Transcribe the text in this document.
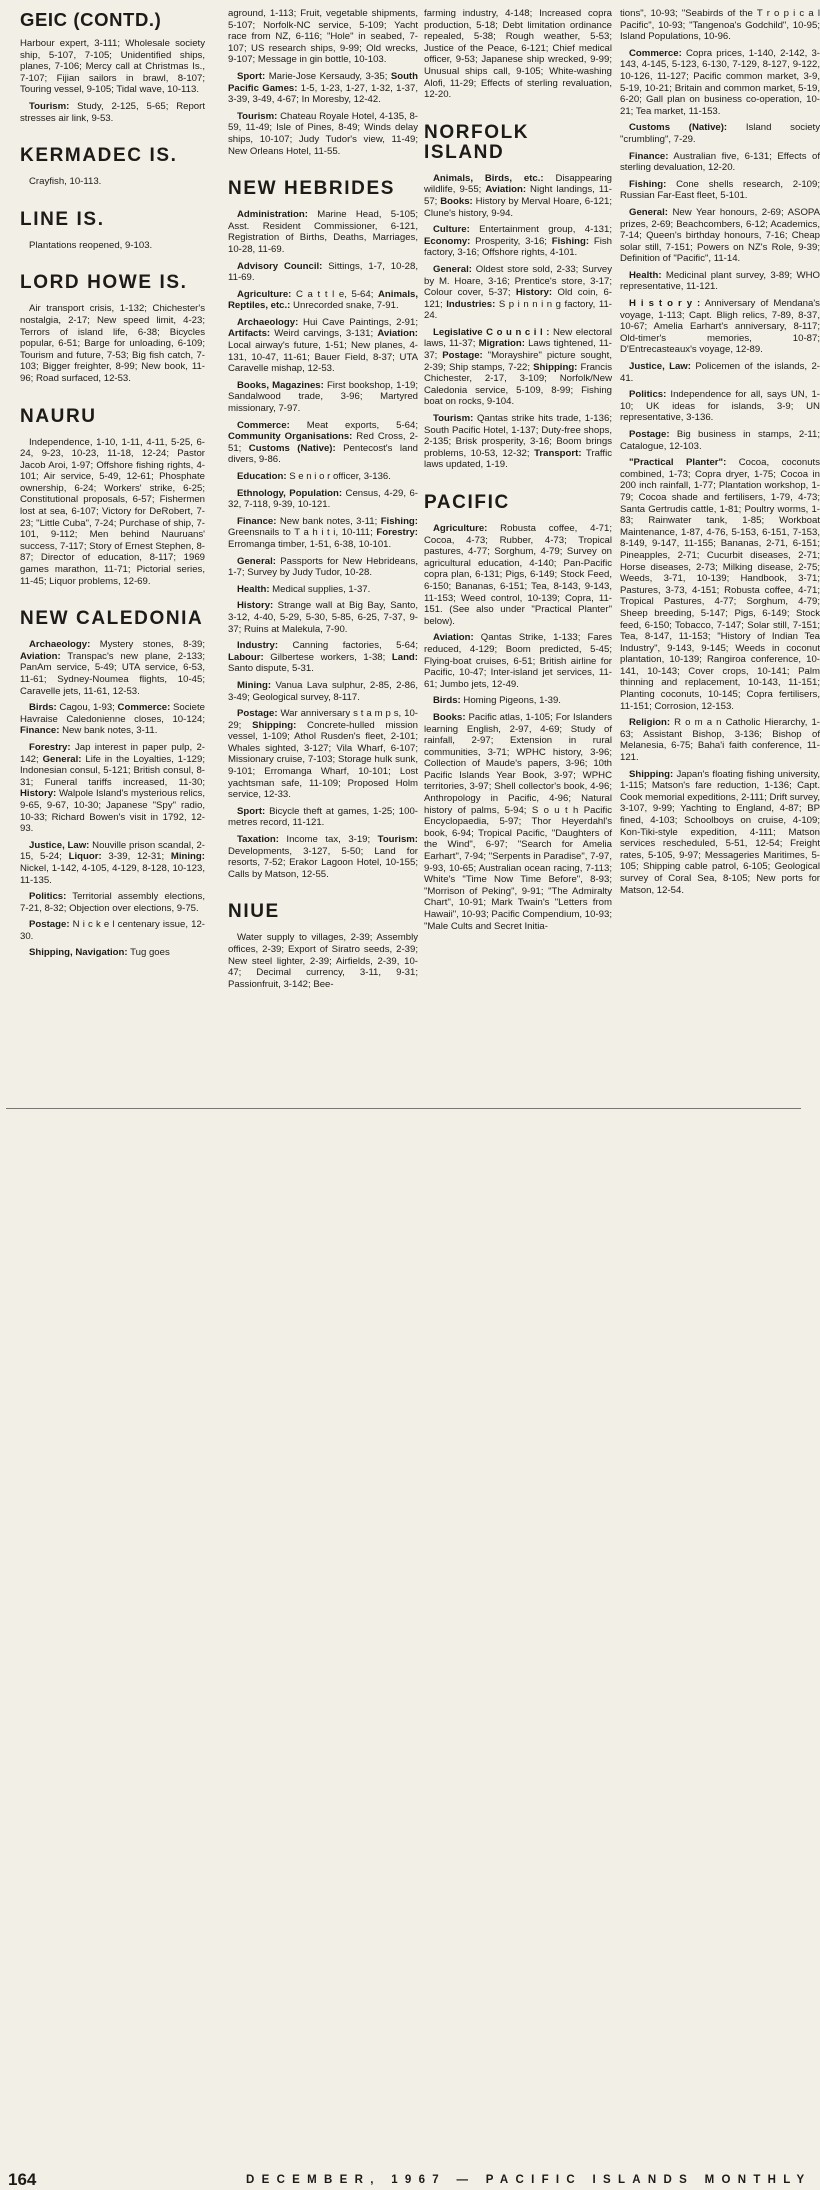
GEIC (CONTD.)

Harbour expert, 3-111; Wholesale society ship, 5-107, 7-105; Unidentified ships, planes, 7-106; Mercy call at Christmas Is., 7-107; Fijian sailors in brawl, 8-107; Touring vessel, 9-105; Tidal wave, 10-113.

Tourism: Study, 2-125, 5-65; Report stresses air link, 9-53.

KERMADEC IS.

Crayfish, 10-113.

LINE IS.

Plantations reopened, 9-103.

LORD HOWE IS.

Air transport crisis, 1-132; Chichester's nostalgia, 2-17; New speed limit, 4-23; Terrors of island life, 6-38; Bicycles popular, 6-51; Barge for unloading, 6-109; Tourism and future, 7-53; Big fish catch, 7-103; Bigger freighter, 8-99; New book, 11-96; Road surfaced, 12-53.

NAURU

Independence, 1-10, 1-11, 4-11, 5-25, 6-24, 9-23, 10-23, 11-18, 12-24; Pastor Jacob Aroi, 1-97; Offshore fishing rights, 4-101; Air service, 5-49, 12-61; Phosphate ownership, 6-24; Workers' strike, 6-25; Constitutional proposals, 6-57; Fishermen lost at sea, 6-107; Victory for DeRobert, 7-23; "Little Cuba", 7-24; Purchase of ship, 7-101, 9-112; Men behind Nauruans' success, 7-117; Story of Ernest Stephen, 8-87; Director of education, 8-117; 1969 games marathon, 11-71; Pictorial series, 11-45; Liquor problems, 12-69.

NEW CALEDONIA

Archaeology: Mystery stones, 8-39; Aviation: Transpac's new plane, 2-133; PanAm service, 5-49; UTA service, 6-53, 11-61; Sydney-Noumea flights, 10-45; Caravelle jets, 11-61, 12-53.

Birds: Cagou, 1-93; Commerce: Societe Havraise Caledonienne closes, 10-124; Finance: New bank notes, 3-11.

Forestry: Jap interest in paper pulp, 2-142; General: Life in the Loyalties, 1-129; Indonesian consul, 5-121; British consul, 8-31; Funeral tariffs increased, 11-30; History: Walpole Island's mysterious relics, 9-65, 9-67, 10-30; Japanese "Spy" radio, 10-33; Richard Bowen's visit in 1792, 12-93.

Justice, Law: Nouville prison scandal, 2-15, 5-24; Liquor: 3-39, 12-31; Mining: Nickel, 1-142, 4-105, 4-129, 8-128, 10-123, 11-135.

Politics: Territorial assembly elections, 7-21, 8-32; Objection over elections, 9-75.

Postage: N i c k e l centenary issue, 12-30.

Shipping, Navigation: Tug goes

aground, 1-113; Fruit, vegetable shipments, 5-107; Norfolk-NC service, 5-109; Yacht race from NZ, 6-116; "Hole" in seabed, 7-107; US research ships, 9-99; Old wrecks, 9-107; Message in gin bottle, 10-103.

Sport: Marie-Jose Kersaudy, 3-35; South Pacific Games: 1-5, 1-23, 1-27, 1-32, 1-37, 3-39, 3-49, 4-67; In Moresby, 12-42.

Tourism: Chateau Royale Hotel, 4-135, 8-59, 11-49; Isle of Pines, 8-49; Winds delay ships, 10-107; Judy Tudor's view, 11-49; New Orleans Hotel, 11-55.

NEW HEBRIDES

Administration: Marine Head, 5-105; Asst. Resident Commissioner, 6-121, Registration of Births, Deaths, Marriages, 10-28, 11-69.

Advisory Council: Sittings, 1-7, 10-28, 11-69.

Agriculture: C a t t l e, 5-64; Animals, Reptiles, etc.: Unrecorded snake, 7-91.

Archaeology: Hui Cave Paintings, 2-91; Artifacts: Weird carvings, 3-131; Aviation: Local airway's future, 1-51; New planes, 4-131, 10-47, 11-61; Bauer Field, 8-37; UTA Caravelle mishap, 12-53.

Books, Magazines: First bookshop, 1-19; Sandalwood trade, 3-96; Martyred missionary, 7-97.

Commerce: Meat exports, 5-64; Community Organisations: Red Cross, 2-51; Customs (Native): Pentecost's land divers, 9-86.

Education: S e n i o r officer, 3-136.

Ethnology, Population: Census, 4-29, 6-32, 7-118, 9-39, 10-121.

Finance: New bank notes, 3-11; Fishing: Greensnails to T a h i t i, 10-111; Forestry: Erromanga timber, 1-51, 6-38, 10-101.

General: Passports for New Hebrideans, 1-7; Survey by Judy Tudor, 10-28.

Health: Medical supplies, 1-37.

History: Strange wall at Big Bay, Santo, 3-12, 4-40, 5-29, 5-30, 5-85, 6-25, 7-37, 9-37; Ruins at Malekula, 7-90.

Industry: Canning factories, 5-64; Labour: Gilbertese workers, 1-38; Land: Santo dispute, 5-31.

Mining: Vanua Lava sulphur, 2-85, 2-86, 3-49; Geological survey, 8-117.

Postage: War anniversary s t a m p s, 10-29; Shipping: Concrete-hulled mission vessel, 1-109; Athol Rusden's fleet, 2-101; Whales sighted, 3-127; Vila Wharf, 6-107; Missionary cruise, 7-103; Storage hulk sunk, 9-101; Erromanga Wharf, 10-101; Lost yachtsman safe, 11-109; Proposed Holm service, 12-33.

Sport: Bicycle theft at games, 1-25; 100-metres record, 11-121.

Taxation: Income tax, 3-19; Tourism: Developments, 3-127, 5-50; Land for resorts, 7-52; Erakor Lagoon Hotel, 10-155; Calls by Matson, 12-55.

NIUE

Water supply to villages, 2-39; Assembly offices, 2-39; Export of Siratro seeds, 2-39; New steel lighter, 2-39; Airfields, 2-39, 10-47; Decimal currency, 3-11, 9-31; Passionfruit, 3-142; Bee-

farming industry, 4-148; Increased copra production, 5-18; Debt limitation ordinance repealed, 5-38; Rough weather, 5-53; Justice of the Peace, 6-121; Chief medical officer, 9-53; Japanese ship wrecked, 9-99; Unusual ships call, 9-105; White-washing Alofi, 11-29; Effects of sterling revaluation, 12-20.

NORFOLK ISLAND

Animals, Birds, etc.: Disappearing wildlife, 9-55; Aviation: Night landings, 11-57; Books: History by Merval Hoare, 6-121; Clune's history, 9-94.

Culture: Entertainment group, 4-131; Economy: Prosperity, 3-16; Fishing: Fish factory, 3-16; Offshore rights, 4-101.

General: Oldest store sold, 2-33; Survey by M. Hoare, 3-16; Prentice's store, 3-17; Colour cover, 5-37; History: Old coin, 6-121; Industries: S p i n n i n g factory, 11-24.

Legislative C o u n c i l : New electoral laws, 11-37; Migration: Laws tightened, 11-37; Postage: "Morayshire" picture sought, 2-39; Ship stamps, 7-22; Shipping: Francis Chichester, 2-17, 3-109; Norfolk/New Caledonia service, 5-109, 8-99; Fishing boat on rocks, 9-104.

Tourism: Qantas strike hits trade, 1-136; South Pacific Hotel, 1-137; Duty-free shops, 2-135; Brisk prosperity, 3-16; Boom brings problems, 10-53, 12-32; Transport: Traffic laws updated, 1-19.

PACIFIC

Agriculture: Robusta coffee, 4-71; Cocoa, 4-73; Rubber, 4-73; Tropical pastures, 4-77; Sorghum, 4-79; Survey on agricultural education, 4-140; Pan-Pacific copra plan, 6-131; Pigs, 6-149; Stock Feed, 6-150; Bananas, 6-151; Tea, 8-143, 9-143, 11-153; Weed control, 10-139; Copra, 11-151. (See also under "Practical Planter" below).

Aviation: Qantas Strike, 1-133; Fares reduced, 4-129; Boom predicted, 5-45; Flying-boat cruises, 6-51; British airline for Pacific, 10-47; Inter-island jet services, 11-61; Jumbo jets, 12-49.

Birds: Homing Pigeons, 1-39.

Books: Pacific atlas, 1-105; For Islanders learning English, 2-97, 4-69; Study of rainfall, 2-97; Extension in rural communities, 3-71; WPHC history, 3-96; Collection of Maude's papers, 3-96; 10th Pacific Islands Year Book, 3-97; WPHC territories, 3-97; Shell collector's book, 4-96; Anthropology in Pacific, 4-96; Natural history of palms, 5-94; S o u t h Pacific Encyclopaedia, 5-97; Thor Heyerdahl's book, 6-94; Tropical Pacific, "Daughters of the Wind", 6-97; "Search for Amelia Earhart", 7-94; "Serpents in Paradise", 7-97, 9-93, 10-65; Australian ocean racing, 7-113; White's "Time Now Time Before", 8-93; "Morrison of Peking", 9-91; "The Admiralty Chart", 10-91; Mark Twain's "Letters from Hawaii", 10-93; Pacific Compendium, 10-93; "Male Cults and Secret Initia-

tions", 10-93; "Seabirds of the T r o p i c a l Pacific", 10-93; "Tangenoa's Godchild", 10-95; Island Populations, 10-96.

Commerce: Copra prices, 1-140, 2-142, 3-143, 4-145, 5-123, 6-130, 7-129, 8-127, 9-122, 10-126, 11-127; Pacific common market, 3-9, 5-19, 10-21; Britain and common market, 5-19, 6-20; Gall plan on business co-operation, 10-21; Tea market, 11-153.

Customs (Native): Island society "crumbling", 7-29.

Finance: Australian five, 6-131; Effects of sterling devaluation, 12-20.

Fishing: Cone shells research, 2-109; Russian Far-East fleet, 5-101.

General: New Year honours, 2-69; ASOPA prizes, 2-69; Beachcombers, 6-12; Academics, 7-14; Queen's birthday honours, 7-16; Cheap solar still, 7-151; Powers on NZ's Role, 9-39; Definition of "Pacific", 11-14.

Health: Medicinal plant survey, 3-89; WHO representative, 11-121.

H i s t o r y : Anniversary of Mendana's voyage, 1-113; Capt. Bligh relics, 7-89, 8-37, 10-67; Amelia Earhart's anniversary, 8-117; Old-timer's memories, 10-87; D'Entrecasteaux's voyage, 12-89.

Justice, Law: Policemen of the islands, 2-41.

Politics: Independence for all, says UN, 1-10; UK ideas for islands, 3-9; UN representative, 3-136.

Postage: Big business in stamps, 2-11; Catalogue, 12-103.

"Practical Planter": Cocoa, coconuts combined, 1-73; Copra dryer, 1-75; Cocoa in 200 inch rainfall, 1-77; Plantation workshop, 1-79; Cocoa shade and fertilisers, 1-79, 4-73; Santa Gertrudis cattle, 1-81; Poultry worms, 1-83; Rainwater tank, 1-85; Workboat Maintenance, 1-87, 4-76, 5-153, 6-151, 7-153, 8-149, 9-147, 11-155; Bananas, 2-71, 6-151; Pineapples, 2-71; Cucurbit diseases, 2-71; Horse diseases, 2-73; Milking disease, 2-75; Weeds, 3-71, 10-139; Handbook, 3-71; Pastures, 3-73, 4-151; Robusta coffee, 4-71; Tropical Pastures, 4-77; Sorghum, 4-79; Sheep breeding, 5-147; Pigs, 6-149; Stock feed, 6-150; Tobacco, 7-147; Solar still, 7-151; Tea, 8-147, 11-153; "History of Indian Tea Industry", 9-143, 9-145; Weeds in coconut plantation, 10-139; Rangiroa conference, 10-141, 10-143; Cover crops, 10-141; Palm thinning and replacement, 10-143, 11-151; Planting coconuts, 10-145; Copra fertilisers, 11-151; Corrosion, 12-153.

Religion: R o m a n Catholic Hierarchy, 1-63; Assistant Bishop, 3-136; Bishop of Melanesia, 6-75; Baha'i faith conference, 11-121.

Shipping: Japan's floating fishing university, 1-115; Matson's fare reduction, 1-136; Capt. Cook memorial expeditions, 2-111; Drift survey, 3-107, 9-99; Yachting to England, 4-87; BP fined, 4-103; Schoolboys on cruise, 4-109; Kon-Tiki-style expedition, 4-111; Matson services rescheduled, 5-51, 12-54; Freight rates, 5-105, 9-97; Messageries Maritimes, 5-105; Shipping cable patrol, 6-105; Geological survey of Coral Sea, 8-105; New ports for Matson, 12-54.

164	DECEMBER, 1967 — PACIFIC ISLANDS MONTHLY
